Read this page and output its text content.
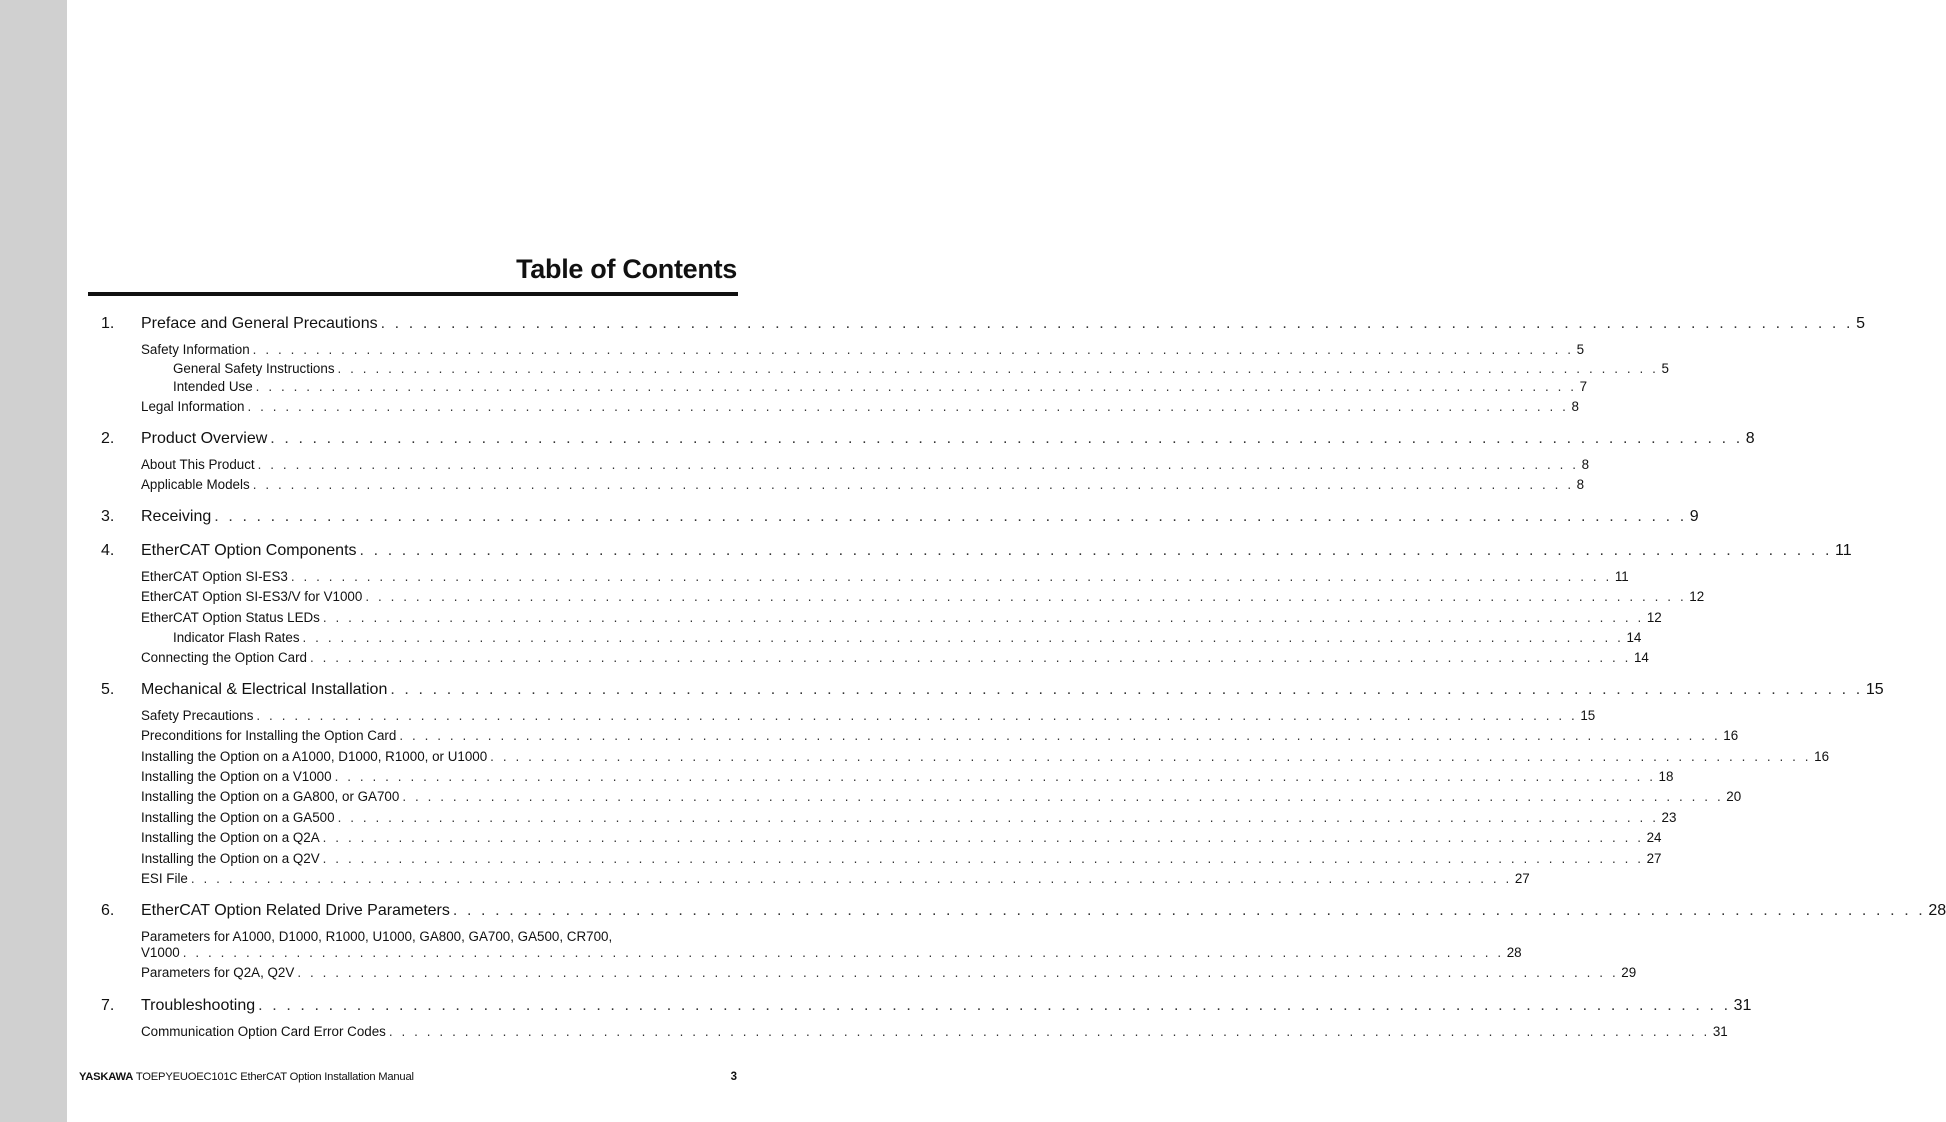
Table of Contents
1. Preface and General Precautions . . . . . . . . . . . . . . . . . . . . . . . . . . . . . . . . . . . . . . . . . . . . . . . . . . . . . . . . . . . . . . . . . . . . . . . . . . . . . . . . . . . . . . . . . . . . . . . . . . . . . . . . . 5
Safety Information . . . . . . . . . . . . . . . . . . . . . . . . . . . . . . . . . . . . . . . . . . . . . . . . . . . . . . . . . . . . . . . . . . . . . . . . . . . . . . . . . . . . . . . . . . . . . . . . . . . . . . . . . 5
General Safety Instructions . . . . . . . . . . . . . . . . . . . . . . . . . . . . . . . . . . . . . . . . . . . . . . . . . . . . . . . . . . . . . . . . . . . . . . . . . . . . . . . . . . . . . . . . . . . . . . . . . . . . . . . . . 5
Intended Use . . . . . . . . . . . . . . . . . . . . . . . . . . . . . . . . . . . . . . . . . . . . . . . . . . . . . . . . . . . . . . . . . . . . . . . . . . . . . . . . . . . . . . . . . . . . . . . . . . . . . . . . . 7
Legal Information . . . . . . . . . . . . . . . . . . . . . . . . . . . . . . . . . . . . . . . . . . . . . . . . . . . . . . . . . . . . . . . . . . . . . . . . . . . . . . . . . . . . . . . . . . . . . . . . . . . . . . . . . 8
2. Product Overview . . . . . . . . . . . . . . . . . . . . . . . . . . . . . . . . . . . . . . . . . . . . . . . . . . . . . . . . . . . . . . . . . . . . . . . . . . . . . . . . . . . . . . . . . . . . . . . . . . . . . . . . . 8
About This Product . . . . . . . . . . . . . . . . . . . . . . . . . . . . . . . . . . . . . . . . . . . . . . . . . . . . . . . . . . . . . . . . . . . . . . . . . . . . . . . . . . . . . . . . . . . . . . . . . . . . . . . . . 8
Applicable Models . . . . . . . . . . . . . . . . . . . . . . . . . . . . . . . . . . . . . . . . . . . . . . . . . . . . . . . . . . . . . . . . . . . . . . . . . . . . . . . . . . . . . . . . . . . . . . . . . . . . . . . . . 8
3. Receiving . . . . . . . . . . . . . . . . . . . . . . . . . . . . . . . . . . . . . . . . . . . . . . . . . . . . . . . . . . . . . . . . . . . . . . . . . . . . . . . . . . . . . . . . . . . . . . . . . . . . . . . . . 9
4. EtherCAT Option Components . . . . . . . . . . . . . . . . . . . . . . . . . . . . . . . . . . . . . . . . . . . . . . . . . . . . . . . . . . . . . . . . . . . . . . . . . . . . . . . . . . . . . . . . . . . . . . . . . . . . . . . . . 11
EtherCAT Option SI-ES3 . . . . . . . . . . . . . . . . . . . . . . . . . . . . . . . . . . . . . . . . . . . . . . . . . . . . . . . . . . . . . . . . . . . . . . . . . . . . . . . . . . . . . . . . . . . . . . . . . . . . . . . . . 11
EtherCAT Option SI-ES3/V for V1000 . . . . . . . . . . . . . . . . . . . . . . . . . . . . . . . . . . . . . . . . . . . . . . . . . . . . . . . . . . . . . . . . . . . . . . . . . . . . . . . . . . . . . . . . . . . . . . . . . . . . . . . . . 12
EtherCAT Option Status LEDs . . . . . . . . . . . . . . . . . . . . . . . . . . . . . . . . . . . . . . . . . . . . . . . . . . . . . . . . . . . . . . . . . . . . . . . . . . . . . . . . . . . . . . . . . . . . . . . . . . . . . . . . . 12
Indicator Flash Rates . . . . . . . . . . . . . . . . . . . . . . . . . . . . . . . . . . . . . . . . . . . . . . . . . . . . . . . . . . . . . . . . . . . . . . . . . . . . . . . . . . . . . . . . . . . . . . . . . . . . . . . . . 14
Connecting the Option Card . . . . . . . . . . . . . . . . . . . . . . . . . . . . . . . . . . . . . . . . . . . . . . . . . . . . . . . . . . . . . . . . . . . . . . . . . . . . . . . . . . . . . . . . . . . . . . . . . . . . . . . . . 14
5. Mechanical & Electrical Installation . . . . . . . . . . . . . . . . . . . . . . . . . . . . . . . . . . . . . . . . . . . . . . . . . . . . . . . . . . . . . . . . . . . . . . . . . . . . . . . . . . . . . . . . . . . . . . . . . . . . . . . . . 15
Safety Precautions . . . . . . . . . . . . . . . . . . . . . . . . . . . . . . . . . . . . . . . . . . . . . . . . . . . . . . . . . . . . . . . . . . . . . . . . . . . . . . . . . . . . . . . . . . . . . . . . . . . . . . . . . 15
Preconditions for Installing the Option Card . . . . . . . . . . . . . . . . . . . . . . . . . . . . . . . . . . . . . . . . . . . . . . . . . . . . . . . . . . . . . . . . . . . . . . . . . . . . . . . . . . . . . . . . . . . . . . . . . . . . . . . . . 16
Installing the Option on a A1000, D1000, R1000, or U1000 . . . . . . . . . . . . . . . . . . . . . . . . . . . . . . . . . . . . . . . . . . . . . . . . . . . . . . . . . . . . . . . . . . . . . . . . . . . . . . . . . . . . . . . . . . . . . . . . . . . . . . . . . 16
Installing the Option on a V1000 . . . . . . . . . . . . . . . . . . . . . . . . . . . . . . . . . . . . . . . . . . . . . . . . . . . . . . . . . . . . . . . . . . . . . . . . . . . . . . . . . . . . . . . . . . . . . . . . . . . . . . . . . 18
Installing the Option on a GA800, or GA700 . . . . . . . . . . . . . . . . . . . . . . . . . . . . . . . . . . . . . . . . . . . . . . . . . . . . . . . . . . . . . . . . . . . . . . . . . . . . . . . . . . . . . . . . . . . . . . . . . . . . . . . . . 20
Installing the Option on a GA500 . . . . . . . . . . . . . . . . . . . . . . . . . . . . . . . . . . . . . . . . . . . . . . . . . . . . . . . . . . . . . . . . . . . . . . . . . . . . . . . . . . . . . . . . . . . . . . . . . . . . . . . . . 23
Installing the Option on a Q2A . . . . . . . . . . . . . . . . . . . . . . . . . . . . . . . . . . . . . . . . . . . . . . . . . . . . . . . . . . . . . . . . . . . . . . . . . . . . . . . . . . . . . . . . . . . . . . . . . . . . . . . . . 24
Installing the Option on a Q2V . . . . . . . . . . . . . . . . . . . . . . . . . . . . . . . . . . . . . . . . . . . . . . . . . . . . . . . . . . . . . . . . . . . . . . . . . . . . . . . . . . . . . . . . . . . . . . . . . . . . . . . . . 27
ESI File . . . . . . . . . . . . . . . . . . . . . . . . . . . . . . . . . . . . . . . . . . . . . . . . . . . . . . . . . . . . . . . . . . . . . . . . . . . . . . . . . . . . . . . . . . . . . . . . . . . . . . . . . 27
6. EtherCAT Option Related Drive Parameters . . . . . . . . . . . . . . . . . . . . . . . . . . . . . . . . . . . . . . . . . . . . . . . . . . . . . . . . . . . . . . . . . . . . . . . . . . . . . . . . . . . . . . . . . . . . . . . . . . . . . . . . . 28
Parameters for A1000, D1000, R1000, U1000, GA800, GA700, GA500, CR700,
V1000 . . . . . . . . . . . . . . . . . . . . . . . . . . . . . . . . . . . . . . . . . . . . . . . . . . . . . . . . . . . . . . . . . . . . . . . . . . . . . . . . . . . . . . . . . . . . . . . . . . . . . . . . . 28
Parameters for Q2A, Q2V . . . . . . . . . . . . . . . . . . . . . . . . . . . . . . . . . . . . . . . . . . . . . . . . . . . . . . . . . . . . . . . . . . . . . . . . . . . . . . . . . . . . . . . . . . . . . . . . . . . . . . . . . 29
7. Troubleshooting . . . . . . . . . . . . . . . . . . . . . . . . . . . . . . . . . . . . . . . . . . . . . . . . . . . . . . . . . . . . . . . . . . . . . . . . . . . . . . . . . . . . . . . . . . . . . . . . . . . . . . . . . 31
Communication Option Card Error Codes . . . . . . . . . . . . . . . . . . . . . . . . . . . . . . . . . . . . . . . . . . . . . . . . . . . . . . . . . . . . . . . . . . . . . . . . . . . . . . . . . . . . . . . . . . . . . . . . . . . . . . . . . 31
YASKAWA TOEPYEUOEC101C EtherCAT Option Installation Manual	3
